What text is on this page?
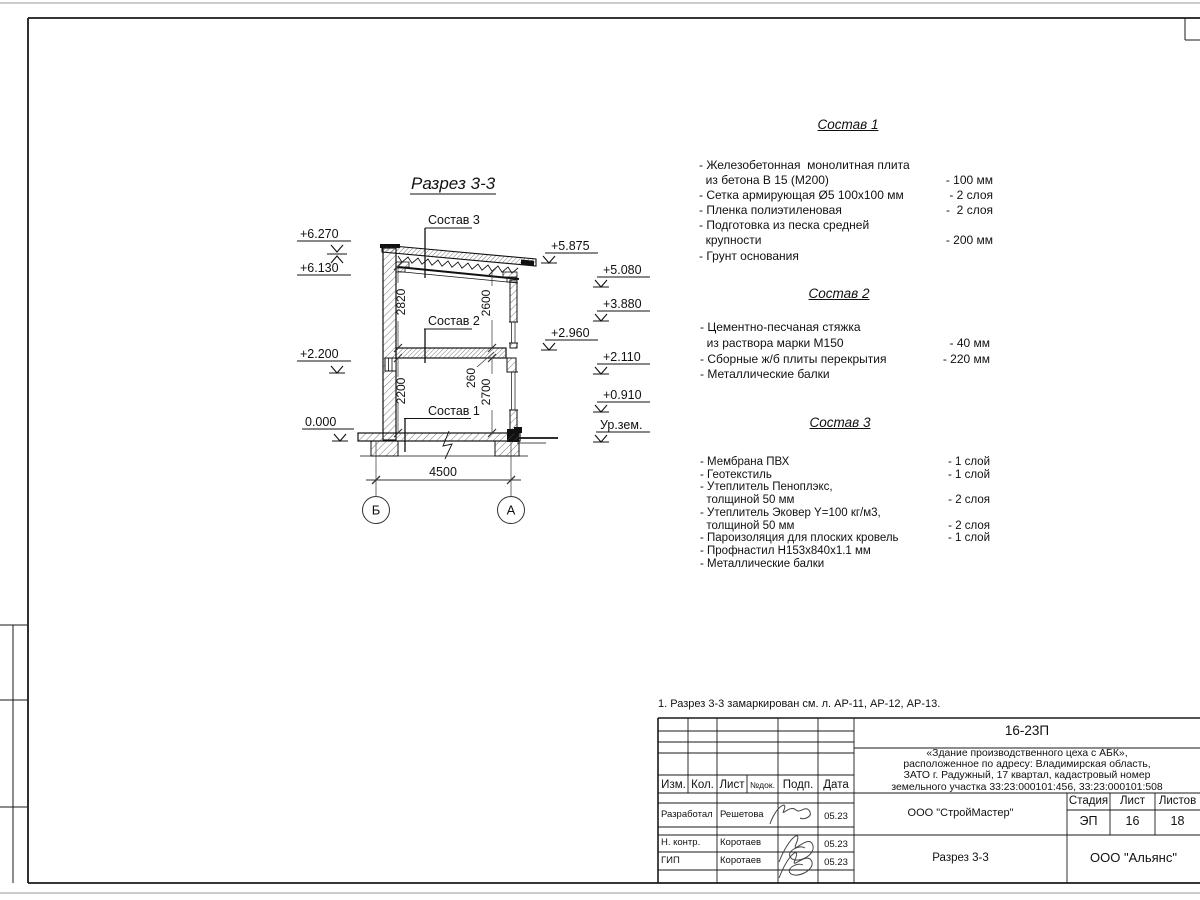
Разрез 3-3
Состав 3
Состав 2
Состав 1
+6.270
+6.130
+2.200
0.000
+5.875
+2.960
+5.080
+3.880
+2.110
+0.910
Ур.зем.
2820	2600
2200	260
2700
4500
Б	А
Состав 1
- Железобетонная  монолитная плита
из бетона В 15 (М200)	- 100 мм
- Сетка армирующая Ø5 100x100 мм	- 2 слоя
- Пленка полиэтиленовая	-  2 слоя
- Подготовка из песка средней
крупности	- 200 мм
- Грунт основания
Состав 2
- Цементно-песчаная стяжка
из раствора марки М150	- 40 мм
- Сборные ж/б плиты перекрытия	- 220 мм
- Металлические балки
Состав 3
- Мембрана ПВХ	- 1 слой
- Геотекстиль	- 1 слой
- Утеплитель Пеноплэкс,
толщиной 50 мм	- 2 слоя
- Утеплитель Эковер Y=100 кг/м3,
толщиной 50 мм	- 2 слоя
- Пароизоляция для плоских кровель	- 1 слой
- Профнастил Н153х840х1.1 мм
- Металлические балки
1. Разрез 3-3 замаркирован см. л. АР-11, АР-12, АР-13.
16-23П
«Здание производственного цеха с АБК»,
расположенное по адресу: Владимирская область,
ЗАТО г. Радужный, 17 квартал, кадастровый номер
земельного участка 33:23:000101:456, 33:23:000101:508
Изм. Кол. Лист №док. Подп. Дата
Разработал Решетова	05.23
Н. контр.	Коротаев	05.23
ГИП	Коротаев	05.23
ООО "СтройМастер"
Разрез 3-3	ООО "Альянс"
Стадия	Лист	Листов
ЭП	16	18
